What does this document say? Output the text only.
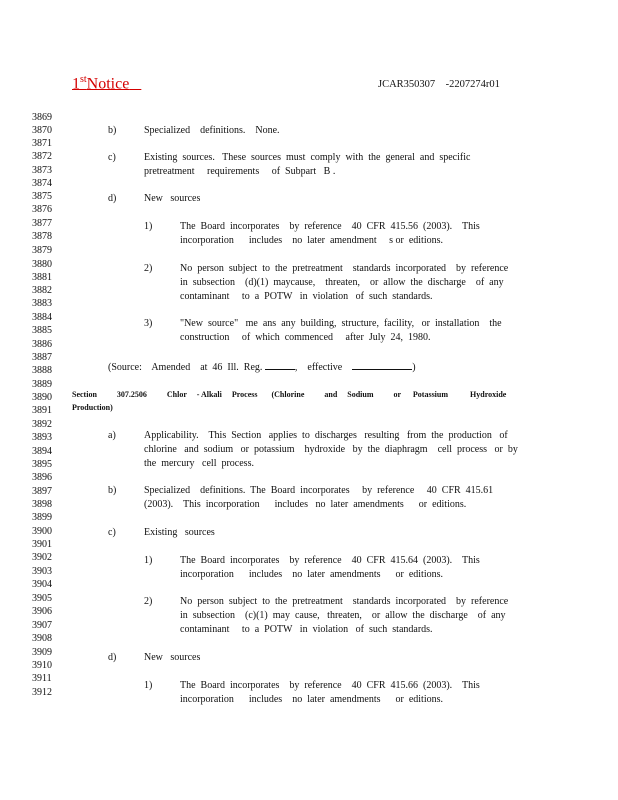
1stNotice	JCAR350307    -2207274r01
3869
3870
3871
3872
3873
3874
3875
3876
3877
3878
3879
3880
3881
3882
3883
3884
3885
3886
3887
3888
3889
3890
3891
3892
3893
3894
3895
3896
3897
3898
3899
3900
3901
3902
3903
3904
3905
3906
3907
3908
3909
3910
3911
3912
b)	Specialized    definitions.    None.
c)	Existing  sources.   These  sources  must  comply  with  the  general  and  specific
pretreatment     requirements     of  Subpart   B .
d)	New   sources
1)	The  Board  incorporates    by  reference    40  CFR  415.56  (2003).    This
incorporation      includes    no  later  amendment     s or  editions.
2)	No  person  subject  to  the  pretreatment    standards  incorporated    by  reference
in  subsection    (d)(1)  maycause,    threaten,    or  allow  the  discharge    of  any
contaminant     to  a  POTW   in  violation   of  such  standards.
3)	"New  source"   me  ans  any  building,  structure,  facility,   or  installation    the
construction     of  which  commenced     after  July  24,  1980.
(Source:    Amended    at  46  Ill.  Reg.	,    effective	)
Section          307.2506          Chlor     - Alkali     Process       (Chlorine          and     Sodium          or      Potassium           Hydroxide
Production)
a)	Applicability.    This  Section   applies  to  discharges   resulting   from  the  production   of
chlorine   and  sodium   or  potassium    hydroxide   by  the  diaphragm    cell  process   or  by
the  mercury   cell  process.
b)	Specialized    definitions.  The  Board  incorporates     by  reference     40  CFR  415.61
(2003).    This  incorporation      includes   no  later  amendments      or  editions.
c)	Existing   sources
1)	The  Board  incorporates    by  reference    40  CFR  415.64  (2003).    This
incorporation      includes    no  later  amendments      or  editions.
2)	No  person  subject  to  the  pretreatment    standards  incorporated    by  reference
in  subsection    (c)(1)  may  cause,   threaten,    or  allow  the  discharge    of  any
contaminant     to  a  POTW   in  violation   of  such  standards.
d)	New   sources
1)	The  Board  incorporates    by  reference    40  CFR  415.66  (2003).    This
incorporation      includes    no  later  amendments      or  editions.
